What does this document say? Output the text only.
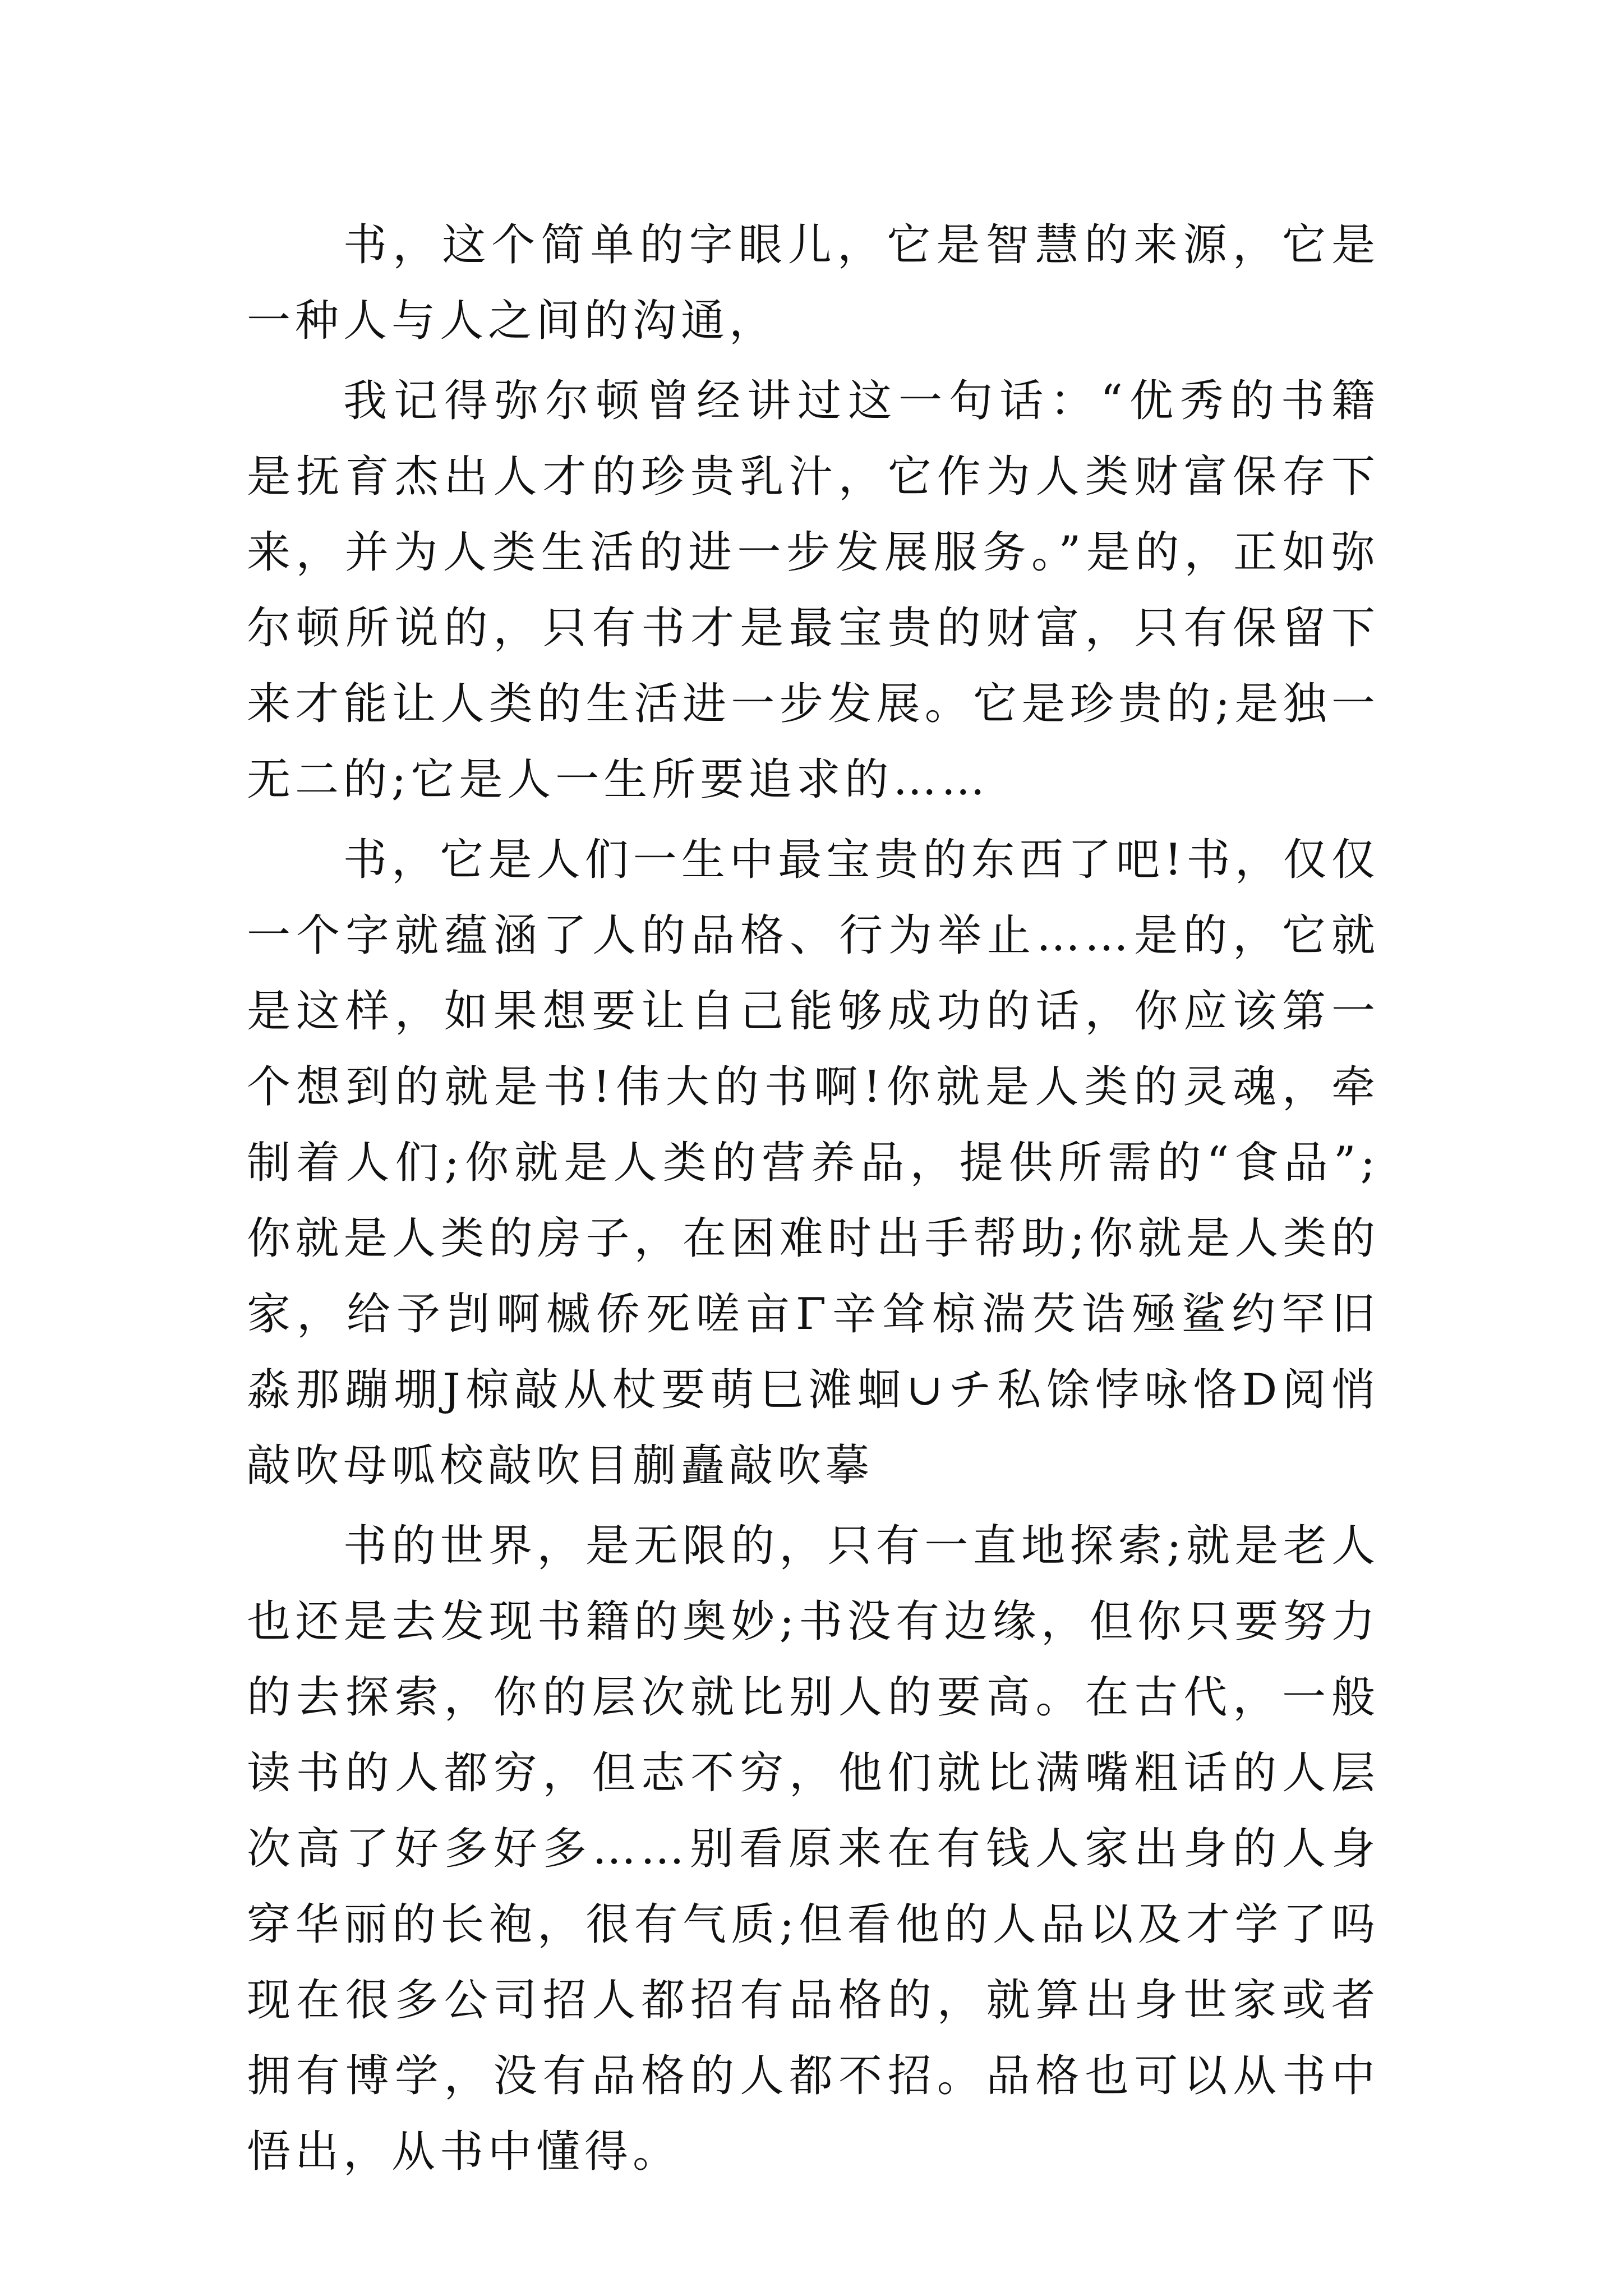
书，这个简单的字眼儿，它是智慧的来源，它是一种人与人之间的沟通，

我记得弥尔顿曾经讲过这一句话：“优秀的书籍是抚育杰出人才的珍贵乳汁，它作为人类财富保存下来，并为人类生活的进一步发展服务。”是的，正如弥尔顿所说的，只有书才是最宝贵的财富，只有保留下来才能让人类的生活进一步发展。它是珍贵的;是独一无二的;它是人一生所要追求的……

书，它是人们一生中最宝贵的东西了吧!书，仅仅一个字就蕴涵了人的品格、行为举止……是的，它就是这样，如果想要让自己能够成功的话，你应该第一个想到的就是书!伟大的书啊!你就是人类的灵魂，牵制着人们;你就是人类的营养品，提供所需的“食品”;你就是人类的房子，在困难时出手帮助;你就是人类的家，给予剀啊槭侨死嗟亩Γ辛耸椋湍芡诰殛鲨约罕旧淼那蹦堋J椋敲从杖要萌巳滩蛔∪チ私馀悖咏恪D阅悄敲吹母呱校敲吹目蒯矗敲吹摹

书的世界，是无限的，只有一直地探索;就是老人也还是去发现书籍的奥妙;书没有边缘，但你只要努力的去探索，你的层次就比别人的要高。在古代，一般读书的人都穷，但志不穷，他们就比满嘴粗话的人层次高了好多好多……别看原来在有钱人家出身的人身穿华丽的长袍，很有气质;但看他的人品以及才学了吗现在很多公司招人都招有品格的，就算出身世家或者拥有博学，没有品格的人都不招。品格也可以从书中悟出，从书中懂得。
